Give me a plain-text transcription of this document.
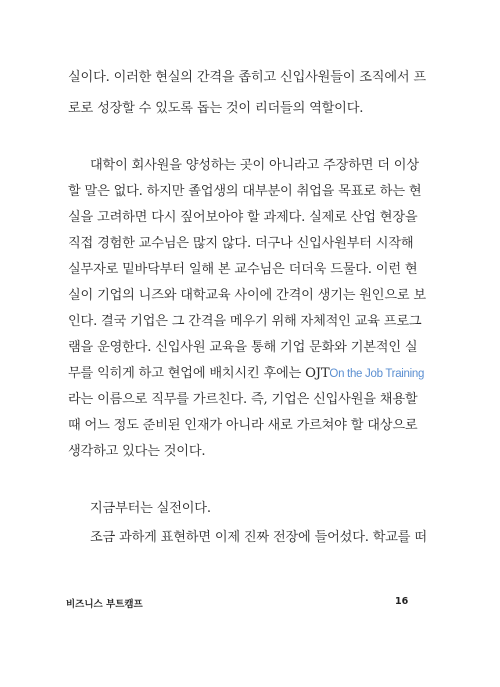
실이다. 이러한 현실의 간격을 좁히고 신입사원들이 조직에서 프
로로 성장할 수 있도록 돕는 것이 리더들의 역할이다.
대학이 회사원을 양성하는 곳이 아니라고 주장하면 더 이상
할 말은 없다. 하지만 졸업생의 대부분이 취업을 목표로 하는 현
실을 고려하면 다시 짚어보아야 할 과제다. 실제로 산업 현장을
직접 경험한 교수님은 많지 않다. 더구나 신입사원부터 시작해
실무자로 밑바닥부터 일해 본 교수님은 더더욱 드물다. 이런 현
실이 기업의 니즈와 대학교육 사이에 간격이 생기는 원인으로 보
인다. 결국 기업은 그 간격을 메우기 위해 자체적인 교육 프로그
램을 운영한다. 신입사원 교육을 통해 기업 문화와 기본적인 실
무를 익히게 하고 현업에 배치시킨 후에는 OJTOn the Job Training
라는 이름으로 직무를 가르친다. 즉, 기업은 신입사원을 채용할
때 어느 정도 준비된 인재가 아니라 새로 가르쳐야 할 대상으로
생각하고 있다는 것이다.
지금부터는 실전이다.
조금 과하게 표현하면 이제 진짜 전장에 들어섰다. 학교를 떠
비즈니스 부트캠프	16
